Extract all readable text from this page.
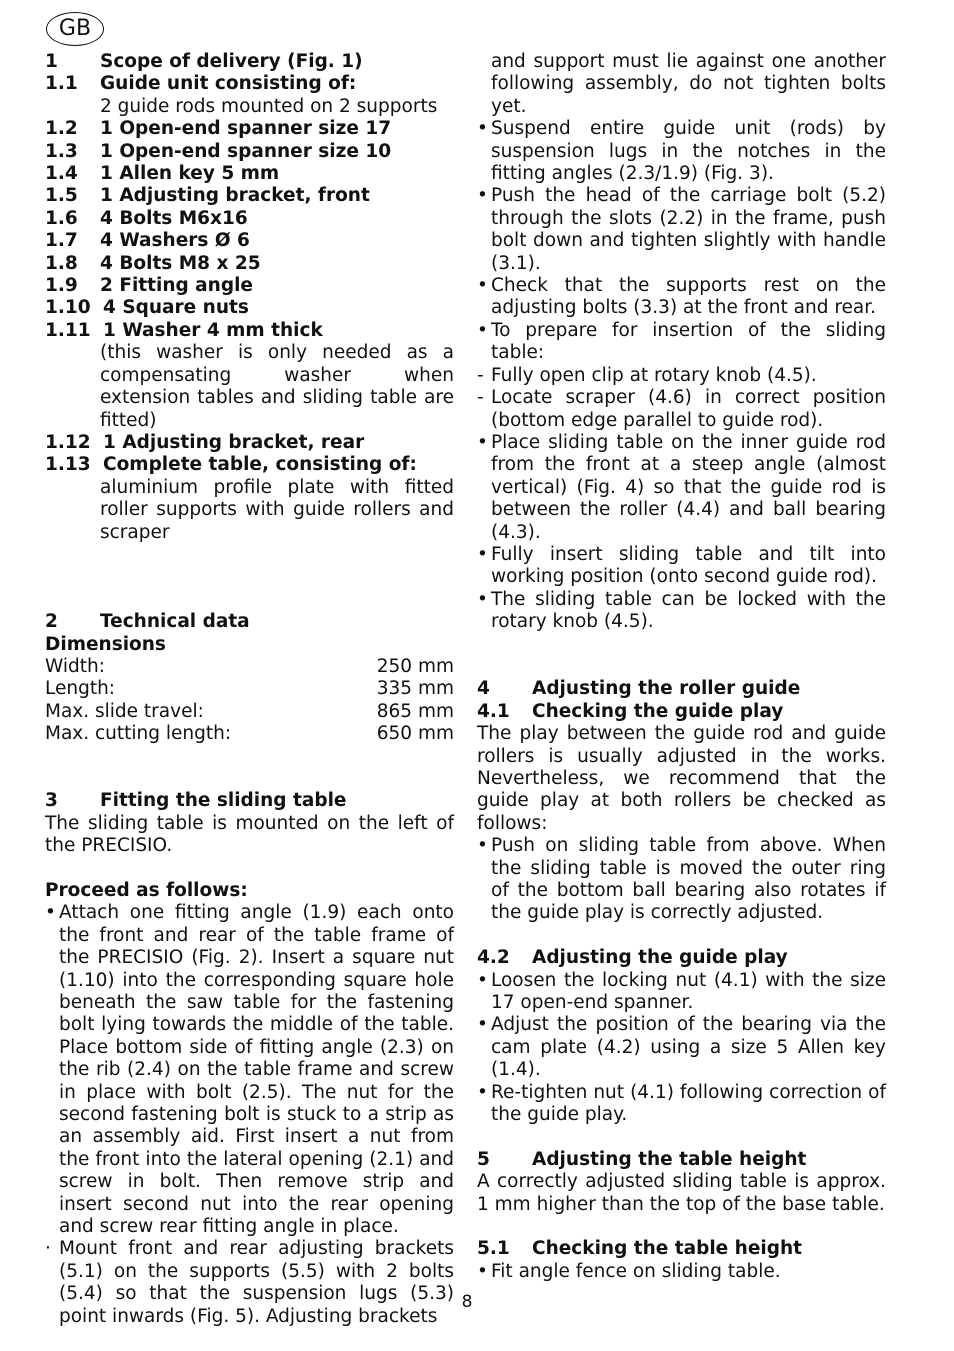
GB
1	Scope of delivery (Fig. 1)
1.1	Guide unit consisting of:
2 guide rods mounted on 2 supports
1.2	1 Open-end spanner size 17
1.3	1 Open-end spanner size 10
1.4	1 Allen key 5 mm
1.5	1 Adjusting bracket, front
1.6	4 Bolts M6x16
1.7	4 Washers Ø 6
1.8	4 Bolts M8 x 25
1.9	2 Fitting angle
1.10 4 Square nuts
1.11 1 Washer 4 mm thick
(this washer is only needed as a compensating washer when extension tables and sliding table are fitted)
1.12 1 Adjusting bracket, rear
1.13 Complete table, consisting of:
aluminium profile plate with fitted roller supports with guide rollers and scraper
2	Technical data
Dimensions
Width:	250 mm
Length:	335 mm
Max. slide travel:	865 mm
Max. cutting length:	650 mm
3	Fitting the sliding table
The sliding table is mounted on the left of the PRECISIO.
Proceed as follows:
• Attach one fitting angle (1.9) each onto the front and rear of the table frame of the PRECISIO (Fig. 2). Insert a square nut (1.10) into the corresponding square hole beneath the saw table for the fastening bolt lying towards the middle of the table. Place bottom side of fitting angle (2.3) on the rib (2.4) on the table frame and screw in place with bolt (2.5). The nut for the second fastening bolt is stuck to a strip as an assembly aid. First insert a nut from the front into the lateral opening (2.1) and screw in bolt. Then remove strip and insert second nut into the rear opening and screw rear fitting angle in place.
· Mount front and rear adjusting brackets (5.1) on the supports (5.5) with 2 bolts (5.4) so that the suspension lugs (5.3) point inwards (Fig. 5). Adjusting brackets
and support must lie against one another following assembly, do not tighten bolts yet.
• Suspend entire guide unit (rods) by suspension lugs in the notches in the fitting angles (2.3/1.9) (Fig. 3).
• Push the head of the carriage bolt (5.2) through the slots (2.2) in the frame, push bolt down and tighten slightly with handle (3.1).
• Check that the supports rest on the adjusting bolts (3.3) at the front and rear.
• To prepare for insertion of the sliding table:
- Fully open clip at rotary knob (4.5).
- Locate scraper (4.6) in correct position (bottom edge parallel to guide rod).
• Place sliding table on the inner guide rod from the front at a steep angle (almost vertical) (Fig. 4) so that the guide rod is between the roller (4.4) and ball bearing (4.3).
• Fully insert sliding table and tilt into working position (onto second guide rod).
• The sliding table can be locked with the rotary knob (4.5).
4	Adjusting the roller guide
4.1	Checking the guide play
The play between the guide rod and guide rollers is usually adjusted in the works. Nevertheless, we recommend that the guide play at both rollers be checked as follows:
• Push on sliding table from above. When the sliding table is moved the outer ring of the bottom ball bearing also rotates if the guide play is correctly adjusted.
4.2	Adjusting the guide play
• Loosen the locking nut (4.1) with the size 17 open-end spanner.
• Adjust the position of the bearing via the cam plate (4.2) using a size 5 Allen key (1.4).
• Re-tighten nut (4.1) following correction of the guide play.
5	Adjusting the table height
A correctly adjusted sliding table is approx. 1 mm higher than the top of the base table.
5.1	Checking the table height
• Fit angle fence on sliding table.
8
